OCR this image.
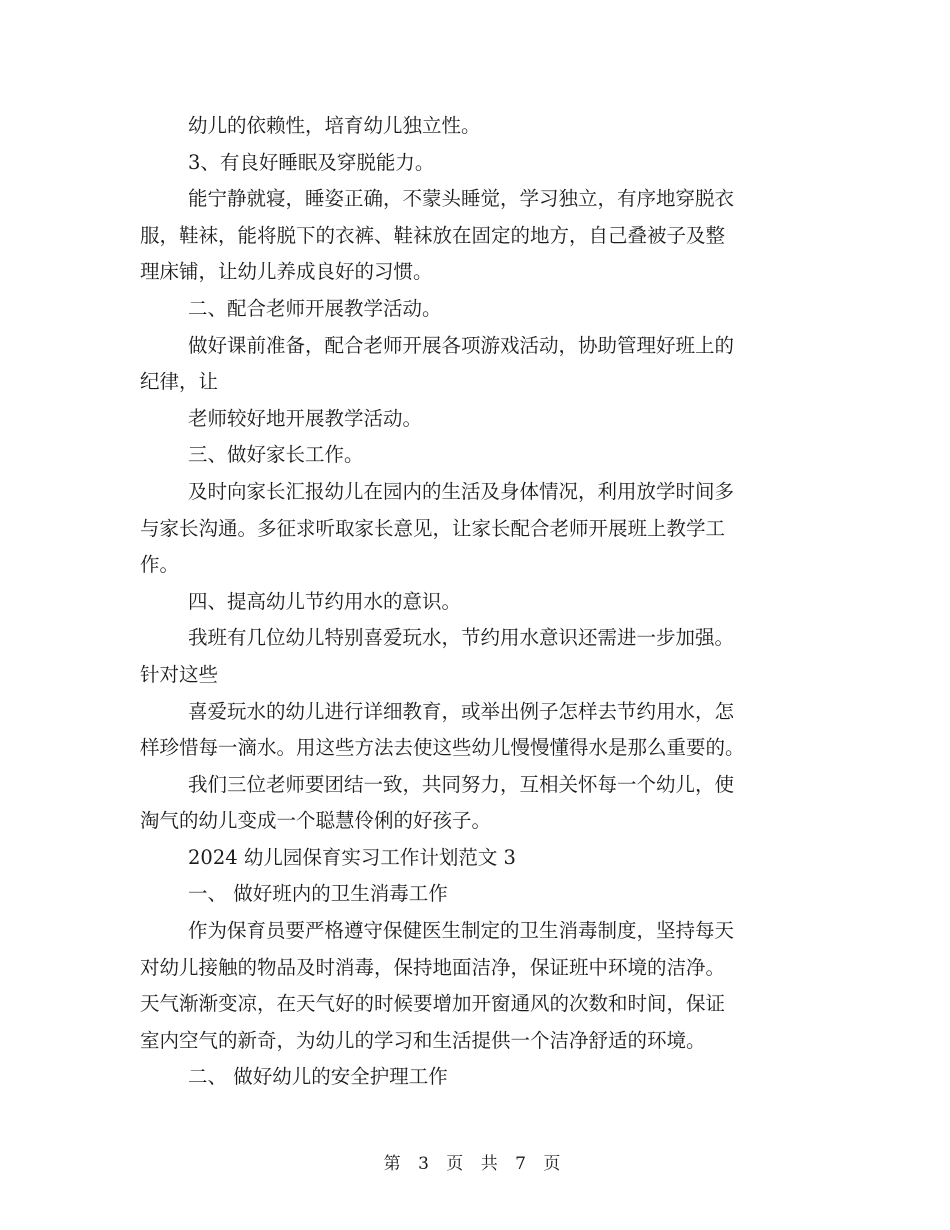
幼儿的依赖性，培育幼儿独立性。

3、有良好睡眠及穿脱能力。

能宁静就寝，睡姿正确，不蒙头睡觉，学习独立，有序地穿脱衣

服，鞋袜，能将脱下的衣裤、鞋袜放在固定的地方，自己叠被子及整

理床铺，让幼儿养成良好的习惯。

二、配合老师开展教学活动。

做好课前准备，配合老师开展各项游戏活动，协助管理好班上的

纪律，让

老师较好地开展教学活动。

三、做好家长工作。

及时向家长汇报幼儿在园内的生活及身体情况，利用放学时间多

与家长沟通。多征求听取家长意见，让家长配合老师开展班上教学工

作。

四、提高幼儿节约用水的意识。

我班有几位幼儿特别喜爱玩水，节约用水意识还需进一步加强。

针对这些

喜爱玩水的幼儿进行详细教育，或举出例子怎样去节约用水，怎

样珍惜每一滴水。用这些方法去使这些幼儿慢慢懂得水是那么重要的。

我们三位老师要团结一致，共同努力，互相关怀每一个幼儿，使

淘气的幼儿变成一个聪慧伶俐的好孩子。

2024 幼儿园保育实习工作计划范文 3

一、 做好班内的卫生消毒工作

作为保育员要严格遵守保健医生制定的卫生消毒制度，坚持每天

对幼儿接触的物品及时消毒，保持地面洁净，保证班中环境的洁净。

天气渐渐变凉，在天气好的时候要增加开窗通风的次数和时间，保证

室内空气的新奇，为幼儿的学习和生活提供一个洁净舒适的环境。

二、 做好幼儿的安全护理工作

第 3 页 共 7 页
